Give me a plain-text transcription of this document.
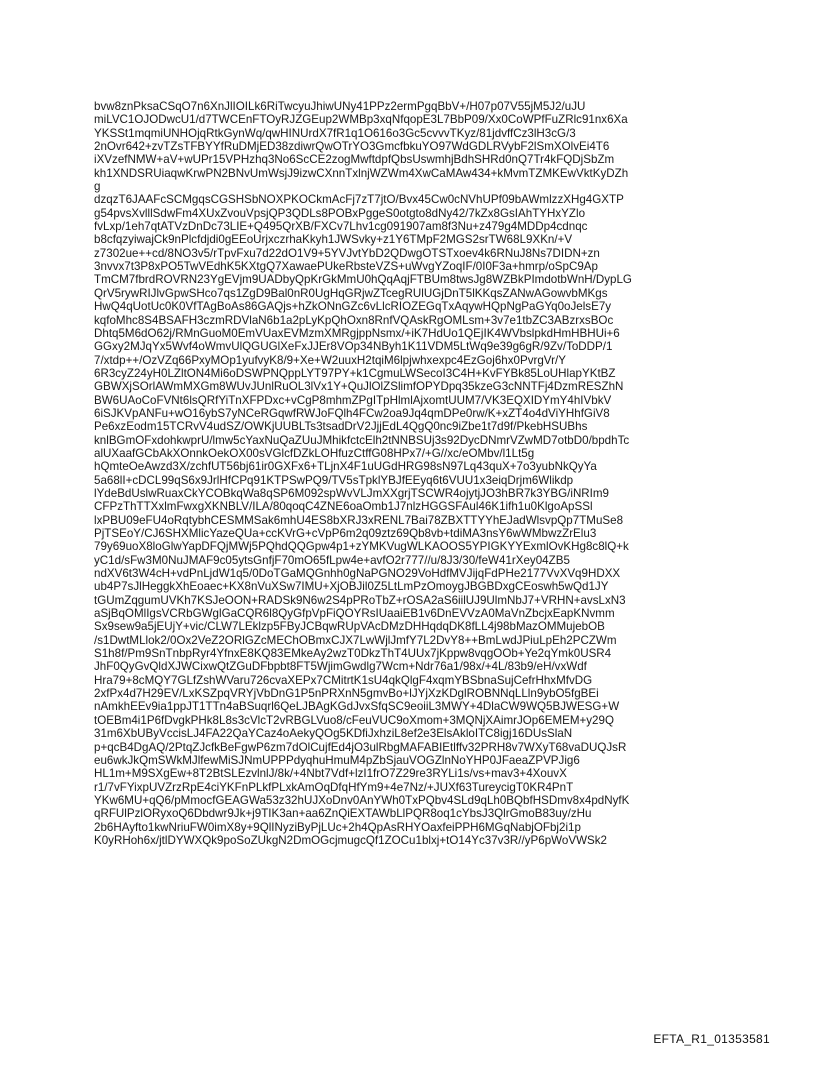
bvw8znPksaCSqO7n6XnJlIOILk6RiTwcyuJhiwUNy41PPz2ermPgqBbV+/H07p07V55jM5J2/uJU
miLVC1OJODwcU1/d7TWCEnFTOyRJZGEup2WMBp3xqNfqopE3L7BbP09/Xx0CoWPfFuZRlc91nx6Xa
YKSSt1mqmiUNHOjqRtkGynWq/qwHINUrdX7fR1q1O616o3Gc5cvvvTKyz/81jdvffCz3lH3cG/3
2nOvr642+zvTZsTFBYYfRuDMjED38zdiwrQwOTrYO3GmcfbkuYO97WdGDLRVybF2lSmXOlvEi4T6
iXVzefNMW+aV+wUPr15VPHzhq3No6ScCE2zogMwftdpfQbsUswmhjBdhSHRd0nQ7Tr4kFQDjSbZm
kh1XNDSRUiaqwKrwPN2BNvUmWsjJ9izwCXnnTxlnjWZWm4XwCaMAw434+kMvmTZMKEwVktKyDZh
g
dzqzT6JAAFcSCMgqsCGSHSbNOXPKOCkmAcFj7zT7jtO/Bvx45Cw0cNVhUPf09bAWmlzzXHg4GXTP
g54pvsXvlllSdwFm4XUxZvouVpsjQP3QDLs8POBxPggeS0otgto8dNy42/7kZx8GsIAhTYHxYZlo
fvLxp/1eh7qtATVzDnDc73LIE+Q495QrXB/FXCv7Lhv1cg091907am8f3Nu+z479g4MDDp4cdnqc
b8cfqzyiwajCk9nPlcfdjdi0gEEoUrjxczrhaKkyh1JWSvky+z1Y6TMpF2MGS2srTW68L9XKn/+V
z7302ue++cd/8NO3v5/rTpvFxu7d22dO1V9+5YVJvtYbD2QDwgOTSTxoev4k6RNuJ8Ns7DIDN+zn
3nvvx7t3P8xPO5TwVEdhK5KXtgQ7XawaePUkeRbsteVZS+uWvgYZoqIF/0I0F3a+hmrp/oSpC9Ap
TmCM7fbrdROVRN23YgEVjm9UADbyQpKrGkMmU0hQqAqjFTBUm8twsJg8WZBkPImdotbWnH/DypLG
QrV5rywRIJlvGpwSHco7qs1ZgD9Bal0nR0UgHqGRjwZTcegRUlUGjDnT5lKKqsZANwAGowvbMKgs
HwQ4qUotUc0K0VfTAgBoAs86GAQjs+hZkONnGZc6vLlcRIOZEGqTxAqywHQpNgPaGYq0oJelsE7y
kqfoMhc8S4BSAFH3czmRDVlaN6b1a2pLyKpQhOxn8RnfVQAskRgOMLsm+3v7e1tbZC3ABzrxsBOc
Dhtq5M6dO62j/RMnGuoM0EmVUaxEVMzmXMRgjppNsmx/+iK7HdUo1QEjIK4WVbslpkdHmHBHUi+6
GGxy2MJqYx5Wvf4oWmvUlQGUGlXeFxJJEr8VOp34NByh1K11VDM5LtWq9e39g6gR/9Zv/ToDDP/1
7/xtdp++/OzVZq66PxyMOp1yufvyK8/9+Xe+W2uuxH2tqiM6lpjwhxexpc4EzGoj6hx0PvrgVr/Y
6R3cyZ24yH0LZltON4Mi6oDSWPNQppLYT97PY+k1CgmuLWSecoI3C4H+KvFYBk85LoUHlapYKtBZ
GBWXjSOrlAWmMXGm8WUvJUnlRuOL3lVx1Y+QuJlOlZSlimfOPYDpq35kzeG3cNNTFj4DzmRESZhN
BW6UAoCoFVNt6lsQRfYiTnXFPDxc+vCgP8mhmZPgITpHlmlAjxomtUUM7/VK3EQXIDYmY4hIVbkV
6iSJKVpANFu+wO16ybS7yNCeRGqwfRWJoFQlh4FCw2oa9Jq4qmDPe0rw/K+xZT4o4dViYHhfGiV8
Pe6xzEodm15TCRvV4udSZ/OWKjUUBLTs3tsadDrV2JjjEdL4QgQ0nc9iZbe1t7d9f/PkebHSUBhs
knlBGmOFxdohkwprU/lmw5cYaxNuQaZUuJMhikfctcElh2tNNBSUj3s92DycDNmrVZwMD7otbD0/bpdhTc
alUXaafGCbAkXOnnkOekOX00sVGlcfDZkLOHfuzCtffG08HPx7/+G//xc/eOMbv/l1Lt5g
hQmteOeAwzd3X/zchfUT56bj61ir0GXFx6+TLjnX4F1uUGdHRG98sN97Lq43quX+7o3yubNkQyYa
5a68lI+cDCL99qS6x9JrlHfCPq91KTPSwPQ9/TV5sTpklYBJfEEyq6t6VUU1x3eiqDrjm6Wlikdp
lYdeBdUslwRuaxCkYCOBkqWa8qSP6M092spWvVLJmXXgrjTSCWR4ojytjJO3hBR7k3YBG/iNRIm9
CFPzThTTXxlmFwxgXKNBLV/ILA/80qoqC4ZNE6oaOmb1J7nlzHGGSFAul46K1ifh1u0KlgoApSSl
lxPBU09eFU4oRqtybhCESMMSak6mhU4ES8bXRJ3xRENL7Bai78ZBXTTYYhEJadWlsvpQp7TMuSe8
PjTSEoY/CJ6SHXMlicYazeQUa+ccKVrG+cVpP6m2q09ztz69Qb8vb+tdiMA3nsY6wWMbwzZrElu3
79y69uoX8loGlwYapDFQjMWj5PQhdQQGpw4p1+zYMKVugWLKAOOS5YPIGKYYExmlOvKHg8c8lQ+k
yC1d/sFw3M0NuJMAF9c05ytsGnfjF70mO65fLpw4e+avfO2r777//u/8J3/30/feW41rXey04ZB5
ndXV6t3W4cH+vdPnLjdW1q5/0DoTGaMQGnhh0gNaPGNO29VoHdfMVJijqFdPHe2177VvXVq9HDXX
ub4P7sJlHeggkXhEoaec+KX8nVuXSw7IMU+XjOBJil0Z5LtLmPzOmoygJBGBDxgCEoswh5wQd1JY
tGUmZqgumUVKh7KSJeOON+RADSk9N6w2S4pPRoTbZ+rOSA2aS6iilUJ9UlmNbJ7+VRHN+avsLxN3
aSjBqOMlIgsVCRbGWglGaCQR6l8QyGfpVpFiQOYRsIUaaiEB1v6DnEVVzA0MaVnZbcjxEapKNvmm
Sx9sew9a5jEUjY+vic/CLW7LEklzp5FByJCBqwRUpVAcDMzDHHqdqDK8fLL4j98bMazOMMujebOB
/s1DwtMLlok2/0Ox2VeZ2ORlGZcMEChOBmxCJX7LwWjlJmfY7L2DvY8++BmLwdJPiuLpEh2PCZWm
S1h8f/Pm9SnTnbpRyr4YfnxE8KQ83EMkeAy2wzT0DkzThT4UUx7jKppw8vqgOOb+Ye2qYmk0USR4
JhF0QyGvQldXJWCixwQtZGuDFbpbt8FT5WjimGwdlg7Wcm+Ndr76a1/98x/+4L/83b9/eH/vxWdf
Hra79+8cMQY7GLfZshWVaru726cvaXEPx7CMitrtK1sU4qkQlgF4xqmYBSbnaSujCefrHhxMfvDG
2xfPx4d7H29EV/LxKSZpqVRYjVbDnG1P5nPRXnN5gmvBo+lJYjXzKDglROBNNqLLln9ybO5fgBEi
nAmkhEEv9ia1ppJT1TTn4aBSuqrl6QeLJBAgKGdJvxSfqSC9eoiiL3MWY+4DlaCW9WQ5BJWESG+W
tOEBm4i1P6fDvgkPHk8L8s3cVlcT2vRBGLVuo8/cFeuVUC9oXmom+3MQNjXAimrJOp6EMEM+y29Q
31m6XbUByVccisLJ4FA22QaYCaz4oAekyQOg5KDfiJxhziL8ef2e3ElsAkloITC8igj16DUsSlaN
p+qcB4DgAQ/2PtqZJcfkBeFgwP6zm7dOlCujfEd4jO3ulRbgMAFABIEtlffv32PRH8v7WXyT68vaDUQJsR
eu6wkJkQmSWkMJlfewMiSJNmUPPPdyqhuHmuM4pZbSjauVOGZlnNoYHP0JFaeaZPVPJig6
HL1m+M9SXgEw+8T2BtSLEzvlnlJ/8k/+4Nbt7Vdf+lzI1frO7Z29re3RYLi1s/vs+mav3+4XouvX
r1/7vFYixpUVZrzRpE4ciYKFnPLkfPLxkAmOqDfqHfYm9+4e7Nz/+JUXf63TureycigT0KR4PnT
YKw6MU+qQ6/pMmocfGEAGWa53z32hUJXoDnv0AnYWh0TxPQbv4SLd9qLh0BQbfHSDmv8x4pdNyfK
qRFUlPzlORyxoQ6Dbdwr9Jk+j9TIK3an+aa6ZnQiEXTAWbLlPQR8oq1cYbsJ3QlrGmoB83uy/zHu
2b6HAyfto1kwNriuFW0imX8y+9QlINyziByPjLUc+2h4QpAsRHYOaxfeiPPH6MGqNabjOFbj2i1p
K0yRHoh6x/jtlDYWXQk9poSoZUkgN2DmOGcjmugcQf1ZOCu1blxj+tO14Yc37v3R//yP6pWoVWSk2
EFTA_R1_01353581
